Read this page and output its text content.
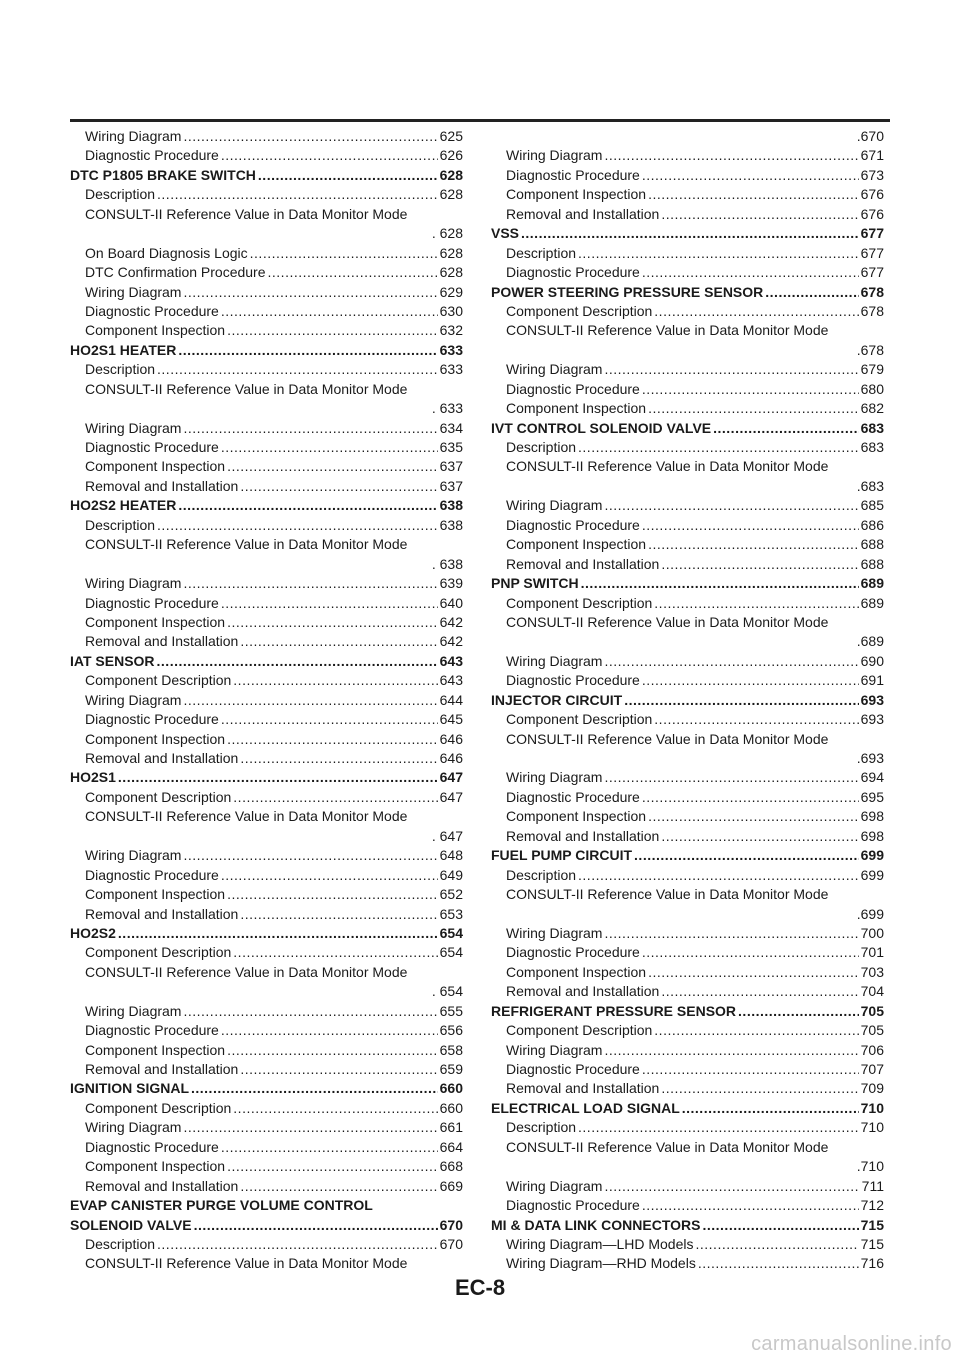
Wiring Diagram .....	625
Diagnostic Procedure .....	626
DTC P1805 BRAKE SWITCH .....	628
Description .....	628
CONSULT-II Reference Value in Data Monitor Mode
. 628
On Board Diagnosis Logic .....	628
DTC Confirmation Procedure .....	628
Wiring Diagram .....	629
Diagnostic Procedure .....	630
Component Inspection .....	632
HO2S1 HEATER .....	633
Description .....	633
CONSULT-II Reference Value in Data Monitor Mode
. 633
Wiring Diagram .....	634
Diagnostic Procedure .....	635
Component Inspection .....	637
Removal and Installation .....	637
HO2S2 HEATER .....	638
Description .....	638
CONSULT-II Reference Value in Data Monitor Mode
. 638
Wiring Diagram .....	639
Diagnostic Procedure .....	640
Component Inspection .....	642
Removal and Installation .....	642
IAT SENSOR .....	643
Component Description .....	643
Wiring Diagram .....	644
Diagnostic Procedure .....	645
Component Inspection .....	646
Removal and Installation .....	646
HO2S1 .....	647
Component Description .....	647
CONSULT-II Reference Value in Data Monitor Mode
. 647
Wiring Diagram .....	648
Diagnostic Procedure .....	649
Component Inspection .....	652
Removal and Installation .....	653
HO2S2 .....	654
Component Description .....	654
CONSULT-II Reference Value in Data Monitor Mode
. 654
Wiring Diagram .....	655
Diagnostic Procedure .....	656
Component Inspection .....	658
Removal and Installation .....	659
IGNITION SIGNAL .....	660
Component Description .....	660
Wiring Diagram .....	661
Diagnostic Procedure .....	664
Component Inspection .....	668
Removal and Installation .....	669
EVAP CANISTER PURGE VOLUME CONTROL
SOLENOID VALVE .....	670
Description .....	670
CONSULT-II Reference Value in Data Monitor Mode
.670
Wiring Diagram .....	671
Diagnostic Procedure .....	673
Component Inspection .....	676
Removal and Installation .....	676
VSS .....	677
Description .....	677
Diagnostic Procedure .....	677
POWER STEERING PRESSURE SENSOR .....	678
Component Description .....	678
CONSULT-II Reference Value in Data Monitor Mode
.678
Wiring Diagram .....	679
Diagnostic Procedure .....	680
Component Inspection .....	682
IVT CONTROL SOLENOID VALVE .....	683
Description .....	683
CONSULT-II Reference Value in Data Monitor Mode
.683
Wiring Diagram .....	685
Diagnostic Procedure .....	686
Component Inspection .....	688
Removal and Installation .....	688
PNP SWITCH .....	689
Component Description .....	689
CONSULT-II Reference Value in Data Monitor Mode
.689
Wiring Diagram .....	690
Diagnostic Procedure .....	691
INJECTOR CIRCUIT .....	693
Component Description .....	693
CONSULT-II Reference Value in Data Monitor Mode
.693
Wiring Diagram .....	694
Diagnostic Procedure .....	695
Component Inspection .....	698
Removal and Installation .....	698
FUEL PUMP CIRCUIT .....	699
Description .....	699
CONSULT-II Reference Value in Data Monitor Mode
.699
Wiring Diagram .....	700
Diagnostic Procedure .....	701
Component Inspection .....	703
Removal and Installation .....	704
REFRIGERANT PRESSURE SENSOR .....	705
Component Description .....	705
Wiring Diagram .....	706
Diagnostic Procedure .....	707
Removal and Installation .....	709
ELECTRICAL LOAD SIGNAL .....	710
Description .....	710
CONSULT-II Reference Value in Data Monitor Mode
.710
Wiring Diagram .....	711
Diagnostic Procedure .....	712
MI & DATA LINK CONNECTORS .....	715
Wiring Diagram—LHD Models .....	715
Wiring Diagram—RHD Models .....	716
EC-8
carmanualsonline.info
